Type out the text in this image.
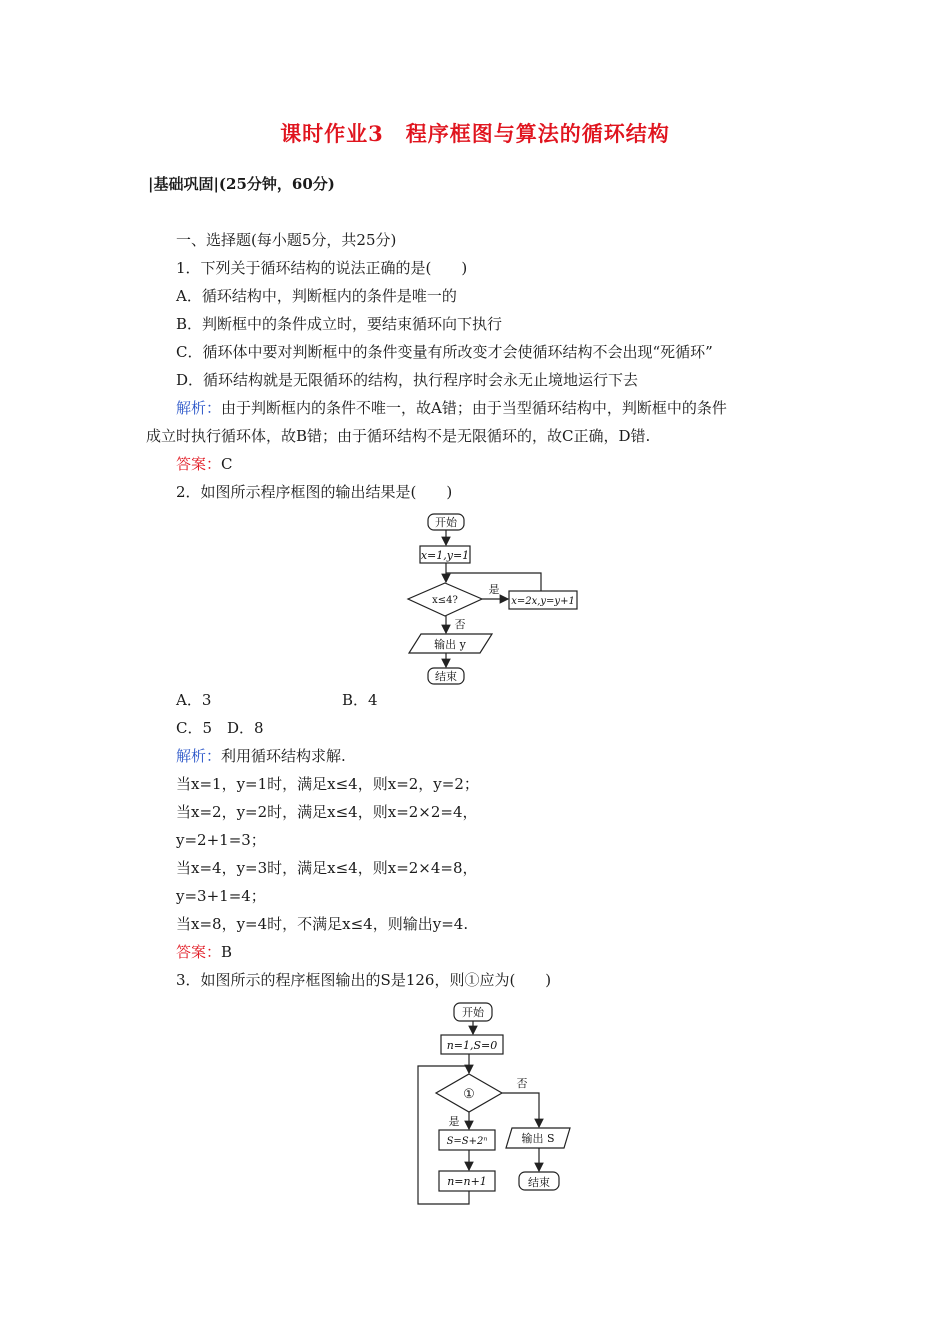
课时作业3　程序框图与算法的循环结构
|基础巩固|(25分钟，60分)
一、选择题(每小题5分，共25分)
1．下列关于循环结构的说法正确的是(　　)
A．循环结构中，判断框内的条件是唯一的
B．判断框中的条件成立时，要结束循环向下执行
C．循环体中要对判断框中的条件变量有所改变才会使循环结构不会出现“死循环”
D．循环结构就是无限循环的结构，执行程序时会永无止境地运行下去
解析：由于判断框内的条件不唯一，故A错；由于当型循环结构中，判断框中的条件
成立时执行循环体，故B错；由于循环结构不是无限循环的，故C正确，D错.
答案：C
2．如图所示程序框图的输出结果是(　　)
开始
x=1,y=1
x≤4?
是
x=2x,y=y+1
否
输出 y
结束
A．3	B．4
C．5　D．8
解析：利用循环结构求解.
当x=1，y=1时，满足x≤4，则x=2，y=2；
当x=2，y=2时，满足x≤4，则x=2×2=4，
y=2+1=3；
当x=4，y=3时，满足x≤4，则x=2×4=8，
y=3+1=4；
当x=8，y=4时，不满足x≤4，则输出y=4.
答案：B
3．如图所示的程序框图输出的S是126，则①应为(　　)
开始
n=1,S=0
①
否
是
S=S+2ⁿ
n=n+1
输出 S
结束
